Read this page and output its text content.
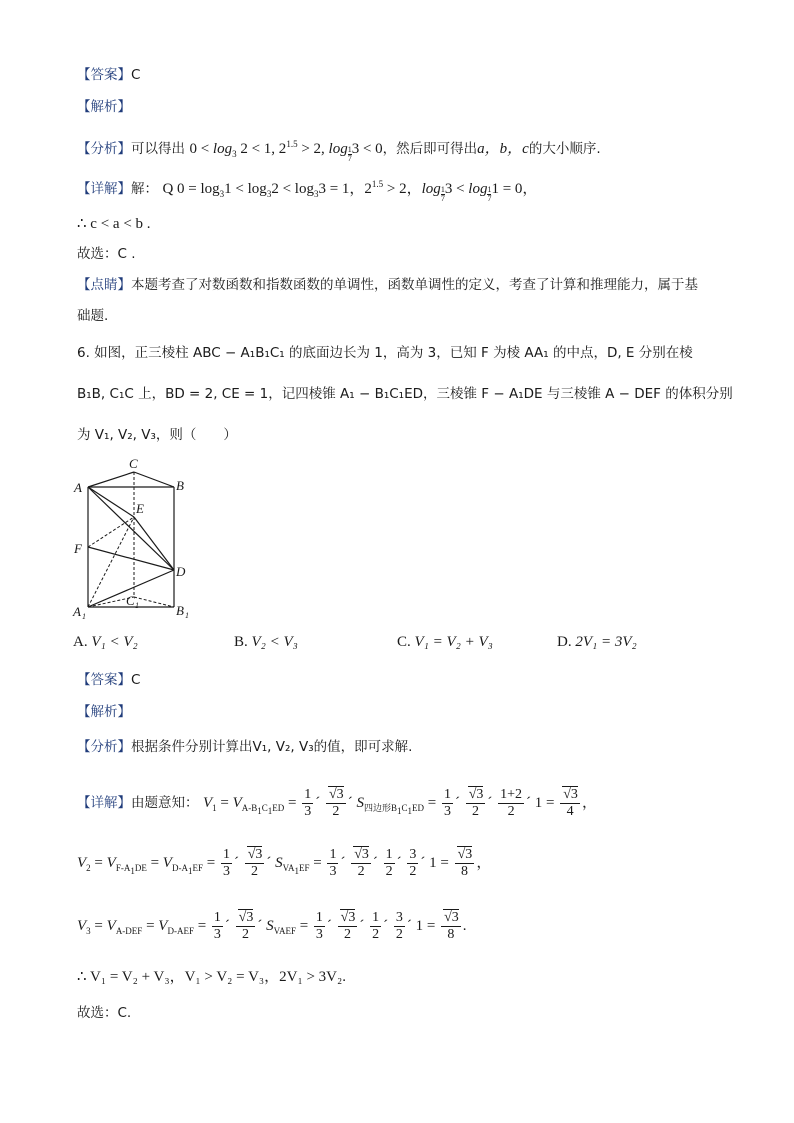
【答案】C
【解析】
【分析】可以得出 $0 < \log_3 2 < 1$, $2^{1.5} > 2$, $\log \frac{1}{7} 3 < 0$，然后即可得出a，b，c的大小顺序.
【详解】解： Q $0 = \log_31 < \log_32 < \log_33 = 1$，$2^{1.5} > 2$，$\log \frac{1}{7} 3 < \log \frac{1}{7} 1 = 0$，
∴ c < a < b .
故选：C .
【点睛】本题考查了对数函数和指数函数的单调性，函数单调性的定义，考查了计算和推理能力，属于基
础题.
6. 如图，正三棱柱 ABC − A₁B₁C₁ 的底面边长为 1，高为 3，已知 F 为棱 AA₁ 的中点，D, E 分别在棱
B₁B, C₁C 上，BD = 2, CE = 1，记四棱锥 A₁ − B₁C₁ED，三棱锥 F − A₁DE 与三棱锥 A − DEF 的体积分别
为 V₁, V₂, V₃，则（　　）
C
A	B
E
F
D
C 1
A 1	B 1
A. V₁ < V₂	B. V₂ < V₃	C. V₁ = V₂ + V₃	D. 2V₁ = 3V₂
【答案】C
【解析】
【分析】根据条件分别计算出V₁, V₂, V₃的值，即可求解.
【详解】由题意知： $V_1 = V_{A-B_1C_1ED} = \frac{1}{3}$ ´ $\frac{√3}{2}$ ´ $S_{四边形B_1C_1ED} = \frac{1}{3}$ ´ $\frac{√3}{2}$ ´ $\frac{1+2}{2}$ ´ $1 = \frac{√3}{4}$ ，
$V_2 = V_{F-A_1DE} = V_{D-A_1EF} = \frac{1}{3}$ ´ $\frac{√3}{2}$ ´ $S_{VA_1EF} = \frac{1}{3}$ ´ $\frac{√3}{2}$ ´ $\frac{1}{2}$ ´ $\frac{3}{2}$ ´ $1 = \frac{√3}{8}$ ，
$V_3 = V_{A-DEF} = V_{D-AEF} = \frac{1}{3}$ ´ $\frac{√3}{2}$ ´ $S_{VAEF} = \frac{1}{3}$ ´ $\frac{√3}{2}$ ´ $\frac{1}{2}$ ´ $\frac{3}{2}$ ´ $1 = \frac{√3}{8}$ .
∴ V₁ = V₂ + V₃，V₁ > V₂ = V₃，2V₁ > 3V₂.
故选：C.
